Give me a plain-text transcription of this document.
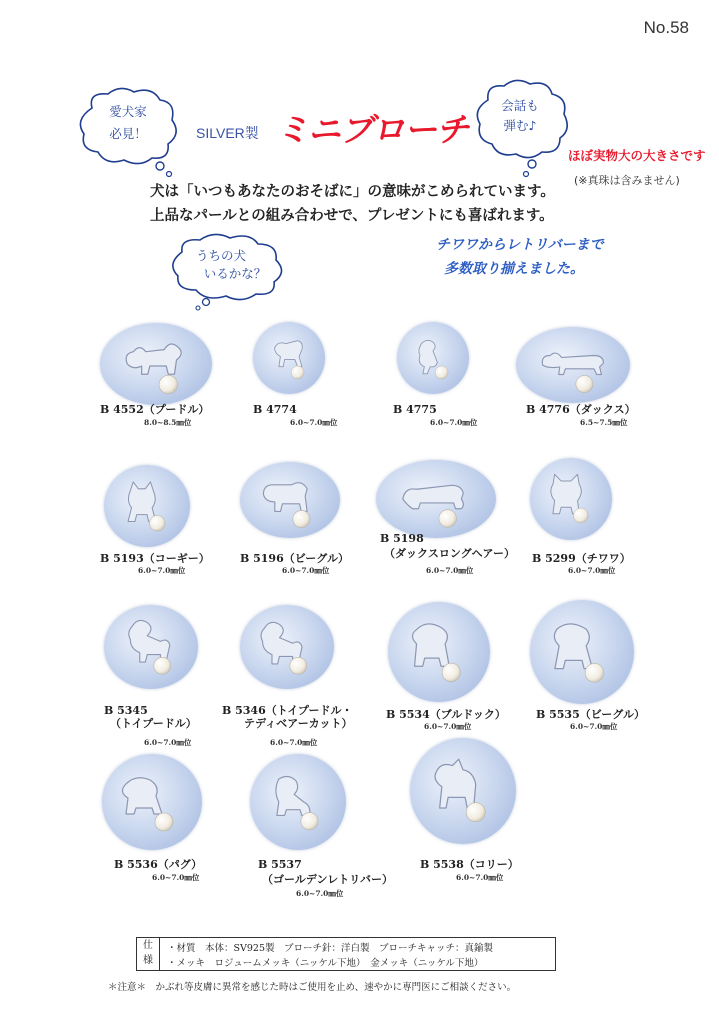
No.58
愛犬家
必見！
会話も
弾む♪
うちの犬
いるかな？
SILVER製 ミニブローチ
ほぼ実物大の大きさです
(※真珠は含みません)
犬は「いつもあなたのおそばに」の意味がこめられています。
上品なパールとの組み合わせで、プレゼントにも喜ばれます。
チワワからレトリバーまで
多数取り揃えました。
B 4552（プードル）
8.0~8.5㎜位
B 4774
6.0~7.0㎜位
B 4775
6.0~7.0㎜位
B 4776（ダックス）
6.5~7.5㎜位
B 5193（コーギー）
6.0~7.0㎜位
B 5196（ビーグル）
6.0~7.0㎜位
B 5198
（ダックスロングヘアー）
6.0~7.0㎜位
B 5299（チワワ）
6.0~7.0㎜位
B 5345
（トイプードル）
6.0~7.0㎜位
B 5346（トイプードル・
テディベアーカット）
6.0~7.0㎜位
B 5534（ブルドック）
6.0~7.0㎜位
B 5535（ビーグル）
6.0~7.0㎜位
B 5536（パグ）
6.0~7.0㎜位
B 5537
（ゴールデンレトリバー）
6.0~7.0㎜位
B 5538（コリー）
6.0~7.0㎜位
仕
様
・材質　本体：SV925製　ブローチ針：洋白製　ブローチキャッチ：真鍮製
・メッキ　ロジュームメッキ（ニッケル下地）　金メッキ（ニッケル下地）
＊注意＊　かぶれ等皮膚に異常を感じた時はご使用を止め、速やかに専門医にご相談ください。
